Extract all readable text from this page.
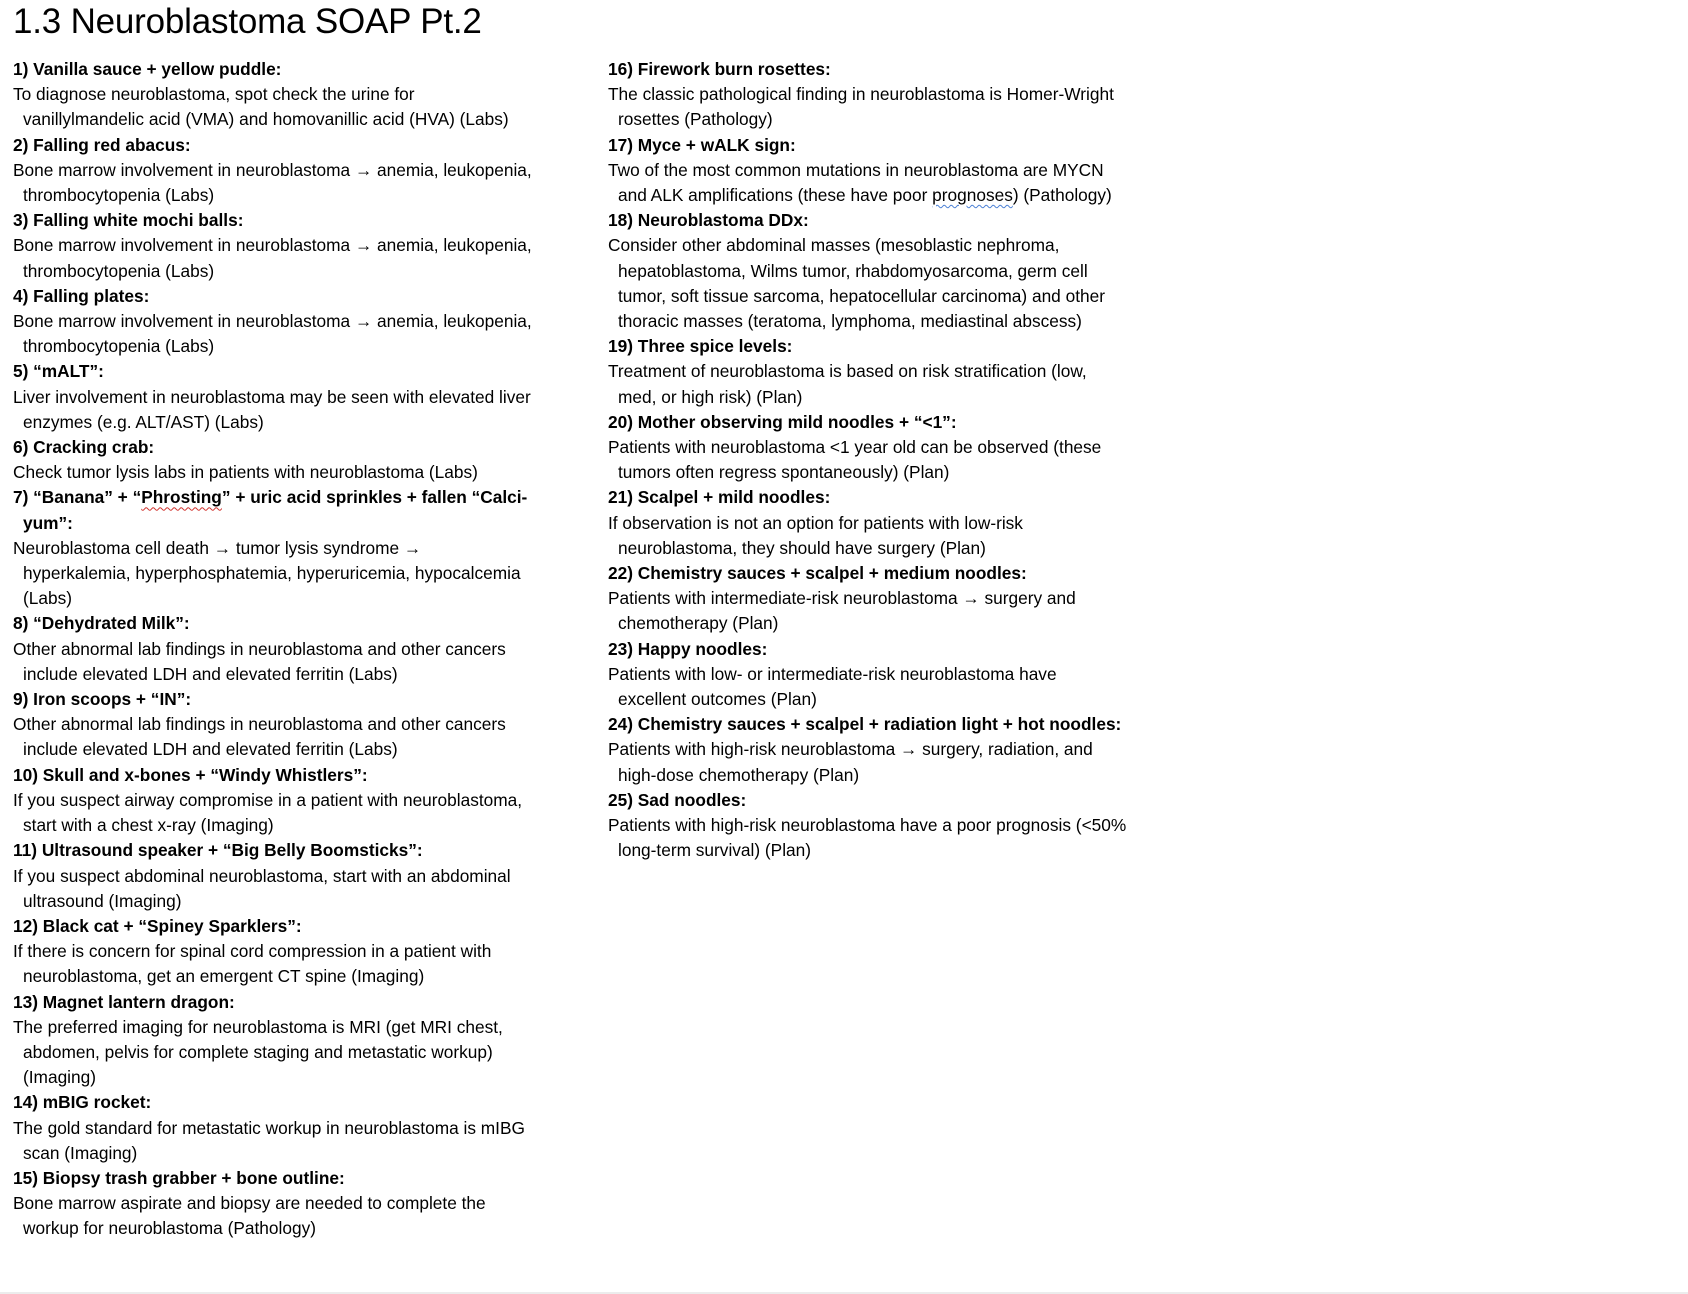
1.3 Neuroblastoma SOAP Pt.2
1) Vanilla sauce + yellow puddle:
To diagnose neuroblastoma, spot check the urine for vanillylmandelic acid (VMA) and homovanillic acid (HVA) (Labs)
2) Falling red abacus:
Bone marrow involvement in neuroblastoma → anemia, leukopenia, thrombocytopenia (Labs)
3) Falling white mochi balls:
Bone marrow involvement in neuroblastoma → anemia, leukopenia, thrombocytopenia (Labs)
4) Falling plates:
Bone marrow involvement in neuroblastoma → anemia, leukopenia, thrombocytopenia (Labs)
5) “mALT”:
Liver involvement in neuroblastoma may be seen with elevated liver enzymes (e.g. ALT/AST) (Labs)
6) Cracking crab:
Check tumor lysis labs in patients with neuroblastoma (Labs)
7) “Banana” + “Phrosting” + uric acid sprinkles + fallen “Calci-yum”:
Neuroblastoma cell death → tumor lysis syndrome → hyperkalemia, hyperphosphatemia, hyperuricemia, hypocalcemia (Labs)
8) “Dehydrated Milk”:
Other abnormal lab findings in neuroblastoma and other cancers include elevated LDH and elevated ferritin (Labs)
9) Iron scoops + “IN”:
Other abnormal lab findings in neuroblastoma and other cancers include elevated LDH and elevated ferritin (Labs)
10) Skull and x-bones + “Windy Whistlers”:
If you suspect airway compromise in a patient with neuroblastoma, start with a chest x-ray (Imaging)
11) Ultrasound speaker + “Big Belly Boomsticks”:
If you suspect abdominal neuroblastoma, start with an abdominal ultrasound (Imaging)
12) Black cat + “Spiney Sparklers”:
If there is concern for spinal cord compression in a patient with neuroblastoma, get an emergent CT spine (Imaging)
13) Magnet lantern dragon:
The preferred imaging for neuroblastoma is MRI (get MRI chest, abdomen, pelvis for complete staging and metastatic workup) (Imaging)
14) mBIG rocket:
The gold standard for metastatic workup in neuroblastoma is mIBG scan (Imaging)
15) Biopsy trash grabber + bone outline:
Bone marrow aspirate and biopsy are needed to complete the workup for neuroblastoma (Pathology)
16) Firework burn rosettes:
The classic pathological finding in neuroblastoma is Homer-Wright rosettes (Pathology)
17) Myce + wALK sign:
Two of the most common mutations in neuroblastoma are MYCN and ALK amplifications (these have poor prognoses) (Pathology)
18) Neuroblastoma DDx:
Consider other abdominal masses (mesoblastic nephroma, hepatoblastoma, Wilms tumor, rhabdomyosarcoma, germ cell tumor, soft tissue sarcoma, hepatocellular carcinoma) and other thoracic masses (teratoma, lymphoma, mediastinal abscess)
19) Three spice levels:
Treatment of neuroblastoma is based on risk stratification (low, med, or high risk) (Plan)
20) Mother observing mild noodles + “<1”:
Patients with neuroblastoma <1 year old can be observed (these tumors often regress spontaneously) (Plan)
21) Scalpel + mild noodles:
If observation is not an option for patients with low-risk neuroblastoma, they should have surgery (Plan)
22) Chemistry sauces + scalpel + medium noodles:
Patients with intermediate-risk neuroblastoma → surgery and chemotherapy (Plan)
23) Happy noodles:
Patients with low- or intermediate-risk neuroblastoma have excellent outcomes (Plan)
24) Chemistry sauces + scalpel + radiation light + hot noodles:
Patients with high-risk neuroblastoma → surgery, radiation, and high-dose chemotherapy (Plan)
25) Sad noodles:
Patients with high-risk neuroblastoma have a poor prognosis (<50% long-term survival) (Plan)
